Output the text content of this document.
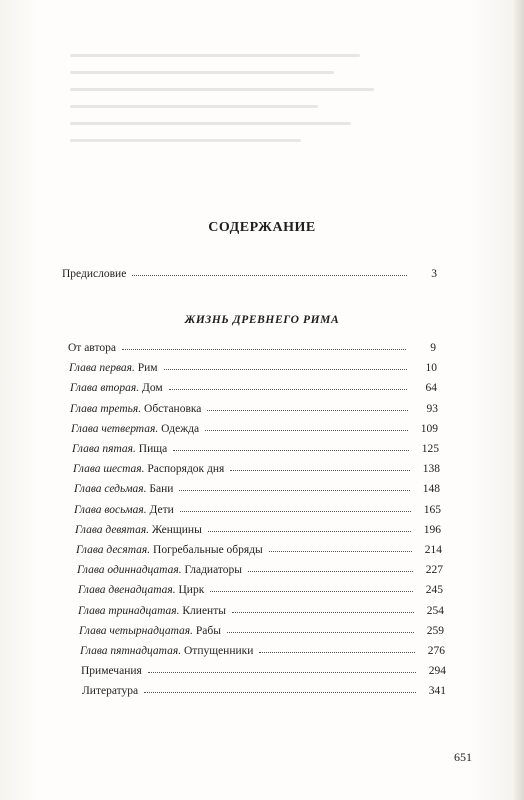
СОДЕРЖАНИЕ
Предисловие	3
ЖИЗНЬ ДРЕВНЕГО РИМА
От автора	9
Глава первая. Рим	10
Глава вторая. Дом	64
Глава третья. Обстановка	93
Глава четвертая. Одежда	109
Глава пятая. Пища	125
Глава шестая. Распорядок дня	138
Глава седьмая. Бани	148
Глава восьмая. Дети	165
Глава девятая. Женщины	196
Глава десятая. Погребальные обряды	214
Глава одиннадцатая. Гладиаторы	227
Глава двенадцатая. Цирк	245
Глава тринадцатая. Клиенты	254
Глава четырнадцатая. Рабы	259
Глава пятнадцатая. Отпущенники	276
Примечания	294
Литература	341
651
